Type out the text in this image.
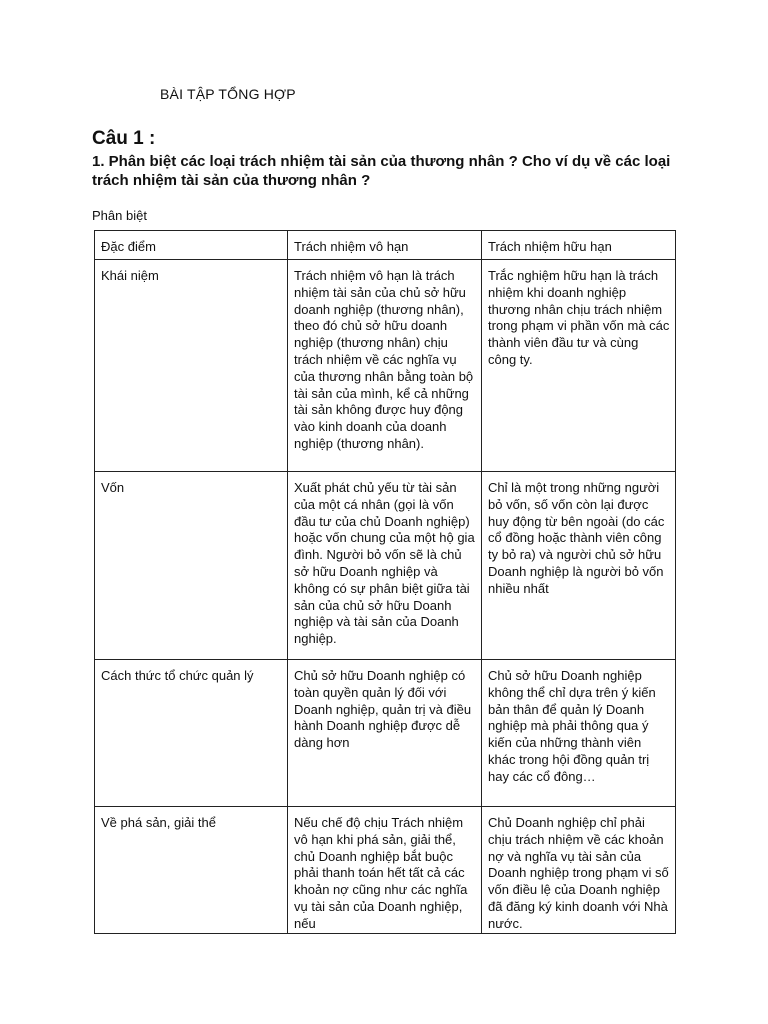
BÀI TẬP TỔNG HỢP
Câu 1 :
1. Phân biệt các loại trách nhiệm tài sản của thương nhân ? Cho ví dụ về các loại trách nhiệm tài sản của thương nhân ?
Phân biệt
Đặc điểm	Trách nhiệm vô hạn	Trách nhiệm hữu hạn
Khái niệm	Trách nhiệm vô hạn là trách nhiệm tài sản của chủ sở hữu doanh nghiệp (thương nhân), theo đó chủ sở hữu doanh nghiệp (thương nhân) chịu trách nhiệm về các nghĩa vụ của thương nhân bằng toàn bộ tài sản của mình, kể cả những tài sản không được huy động vào kinh doanh của doanh nghiệp (thương nhân).	Trắc nghiệm hữu hạn là trách nhiệm khi doanh nghiệp thương nhân chịu trách nhiệm trong phạm vi phần vốn mà các thành viên đầu tư và cùng công ty.
Vốn	Xuất phát chủ yếu từ tài sản của một cá nhân (gọi là vốn đầu tư của chủ Doanh nghiệp) hoặc vốn chung của một hộ gia đình. Người bỏ vốn sẽ là chủ sở hữu Doanh nghiệp và không có sự phân biệt giữa tài sản của chủ sở hữu Doanh nghiệp và tài sản của Doanh nghiệp.	Chỉ là một trong những người bỏ vốn, số vốn còn lại được huy động từ bên ngoài (do các cổ đồng hoặc thành viên công ty bỏ ra) và người chủ sở hữu Doanh nghiệp là người bỏ vốn nhiều nhất
Cách thức tổ chức quản lý	Chủ sở hữu Doanh nghiệp có toàn quyền quản lý đối với Doanh nghiệp, quản trị và điều hành Doanh nghiệp được dễ dàng hơn	Chủ sở hữu Doanh nghiệp không thể chỉ dựa trên ý kiến bản thân để quản lý Doanh nghiệp mà phải thông qua ý kiến của những thành viên khác trong hội đồng quản trị hay các cổ đông…
Về phá sản, giải thể	Nếu chế độ chịu Trách nhiệm vô hạn khi phá sản, giải thể, chủ Doanh nghiệp bắt buộc phải thanh toán hết tất cả các khoản nợ cũng như các nghĩa vụ tài sản của Doanh nghiệp, nếu	Chủ Doanh nghiệp chỉ phải chịu trách nhiệm về các khoản nợ và nghĩa vụ tài sản của Doanh nghiệp trong phạm vi số vốn điều lệ của Doanh nghiệp đã đăng ký kinh doanh với Nhà nước.
